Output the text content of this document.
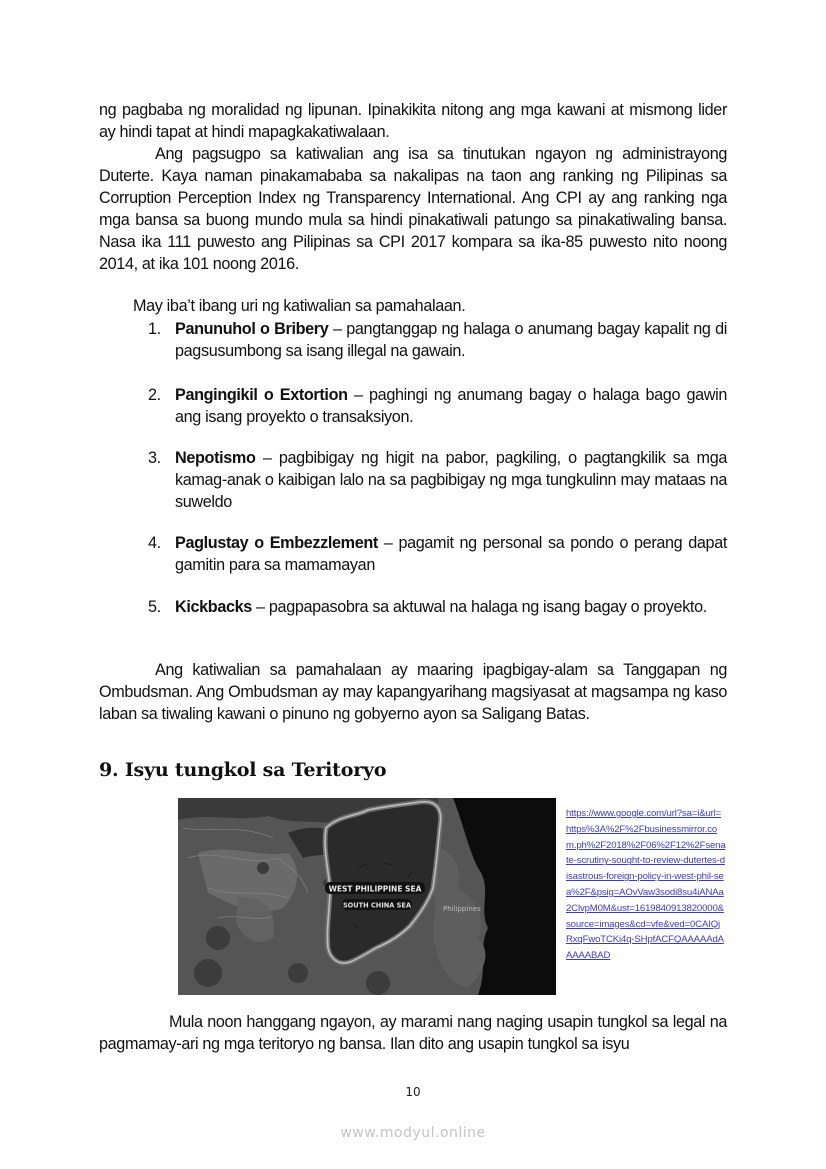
ng pagbaba ng moralidad ng lipunan. Ipinakikita nitong ang mga kawani at mismong lider ay hindi tapat at hindi mapagkakatiwalaan.

Ang pagsugpo sa katiwalian ang isa sa tinutukan ngayon ng administrayong Duterte. Kaya naman pinakamababa sa nakalipas na taon ang ranking ng Pilipinas sa Corruption Perception Index ng Transparency International. Ang CPI ay ang ranking nga mga bansa sa buong mundo mula sa hindi pinakatiwali patungo sa pinakatiwaling bansa. Nasa ika 111 puwesto ang Pilipinas sa CPI 2017 kompara sa ika-85 puwesto nito noong 2014, at ika 101 noong 2016.

May iba’t ibang uri ng katiwalian sa pamahalaan.
1. Panunuhol o Bribery – pangtanggap ng halaga o anumang bagay kapalit ng di pagsusumbong sa isang illegal na gawain.
2. Pangingikil o Extortion – paghingi ng anumang bagay o halaga bago gawin ang isang proyekto o transaksiyon.
3. Nepotismo – pagbibigay ng higit na pabor, pagkiling, o pagtangkilik sa mga kamag-anak o kaibigan lalo na sa pagbibigay ng mga tungkulinn may mataas na suweldo
4. Paglustay o Embezzlement – pagamit ng personal sa pondo o perang dapat gamitin para sa mamamayan
5. Kickbacks – pagpapasobra sa aktuwal na halaga ng isang bagay o proyekto.

Ang katiwalian sa pamahalaan ay maaring ipagbigay-alam sa Tanggapan ng Ombudsman. Ang Ombudsman ay may kapangyarihang magsiyasat at magsampa ng kaso laban sa tiwaling kawani o pinuno ng gobyerno ayon sa Saligang Batas.

9. Isyu tungkol sa Teritoryo
WEST PHILIPPINE SEA
SOUTH CHINA SEA	Philippines
https://www.google.com/url?sa=i&url=https%3A%2F%2Fbusinessmirror.com.ph%2F2018%2F06%2F12%2Fsenate-scrutiny-sought-to-review-dutertes-disastrous-foreign-policy-in-west-phil-sea%2F&psig=AOvVaw3sodi8su4iANAa2ClvpM0M&ust=1619840913820000&source=images&cd=vfe&ved=0CAIQjRxqFwoTCKi4q-SHpfACFQAAAAAdAAAAABAD

Mula noon hanggang ngayon, ay marami nang naging usapin tungkol sa legal na pagmamay-ari ng mga teritoryo ng bansa. Ilan dito ang usapin tungkol sa isyu

10
www.modyul.online
